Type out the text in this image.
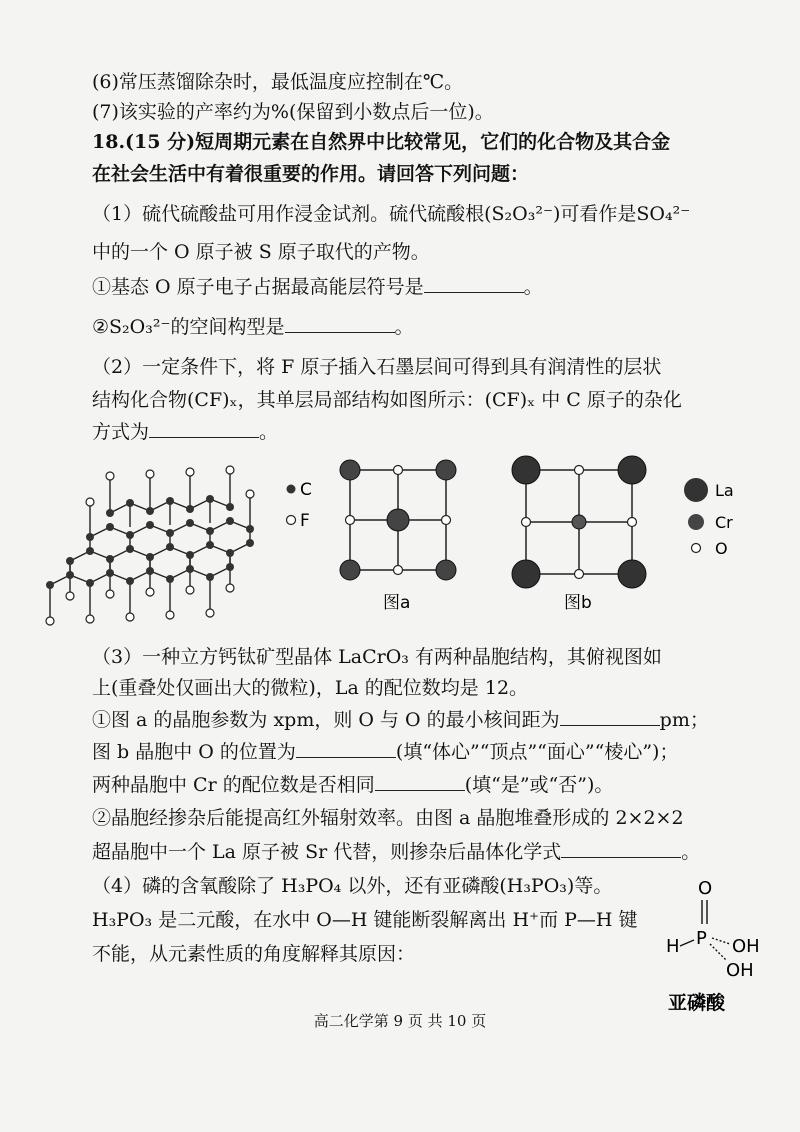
(6)常压蒸馏除杂时，最低温度应控制在℃。
(7)该实验的产率约为%(保留到小数点后一位)。
18.(15 分)短周期元素在自然界中比较常见，它们的化合物及其合金
在社会生活中有着很重要的作用。请回答下列问题：
（1）硫代硫酸盐可用作浸金试剂。硫代硫酸根(S₂O₃²⁻)可看作是SO₄²⁻
中的一个 O 原子被 S 原子取代的产物。
①基态 O 原子电子占据最高能层符号是	。
②S₂O₃²⁻的空间构型是	。
（2）一定条件下，将 F 原子插入石墨层间可得到具有润清性的层状
结构化合物(CF)ₓ，其单层局部结构如图所示：(CF)ₓ 中 C 原子的杂化
方式为	。
C
F
图a	图b
La
Cr
O
（3）一种立方钙钛矿型晶体 LaCrO₃ 有两种晶胞结构，其俯视图如
上(重叠处仅画出大的微粒)，La 的配位数均是 12。
①图 a 的晶胞参数为 xpm，则 O 与 O 的最小核间距为	pm；
图 b 晶胞中 O 的位置为	(填“体心”“顶点”“面心”“棱心”)；
两种晶胞中 Cr 的配位数是否相同	(填“是”或“否”)。
②晶胞经掺杂后能提高红外辐射效率。由图 a 晶胞堆叠形成的 2×2×2
超晶胞中一个 La 原子被 Sr 代替，则掺杂后晶体化学式	。
（4）磷的含氧酸除了 H₃PO₄ 以外，还有亚磷酸(H₃PO₃)等。
H₃PO₃ 是二元酸，在水中 O—H 键能断裂解离出 H⁺而 P—H 键
不能，从元素性质的角度解释其原因：
O
P
H	OH
OH
亚磷酸
高二化学第 9 页 共 10 页
